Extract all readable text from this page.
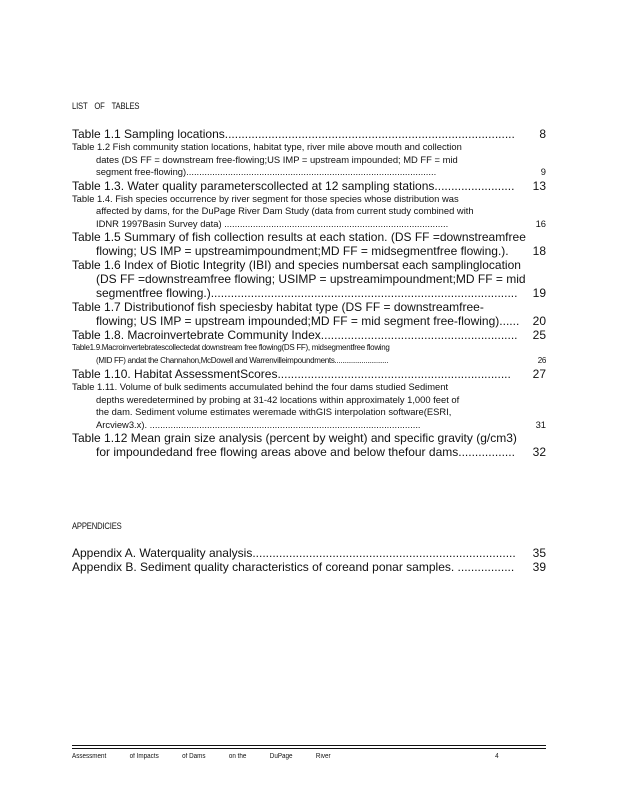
LIST OF TABLES
Table 1.1 Sampling locations.......................................................................................	8
Table 1.2 Fish community station locations, habitat type, river mile above mouth and collection
dates (DS FF = downstream free-flowing;US IMP = upstream impounded; MD FF = mid
segment free-flowing)................................................................................................	9
Table 1.3. Water quality parameterscollected at 12 sampling stations........................	13
Table 1.4. Fish species occurrence by river segment for those species whose distribution was
affected by dams, for the DuPage River Dam Study (data from current study combined with
IDNR 1997Basin Survey data) ......................................................................................	16
Table 1.5 Summary of fish collection results at each station. (DS FF =downstreamfree
flowing; US IMP = upstreamimpoundment;MD FF = midsegmentfree flowing.).	18
Table 1.6 Index of Biotic Integrity (IBI) and species numbersat each samplinglocation
(DS FF =downstreamfree flowing; USIMP = upstreamimpoundment;MD FF = mid
segmentfree flowing.)............................................................................................	19
Table 1.7 Distributionof fish speciesby habitat type (DS FF = downstreamfree-
flowing; US IMP = upstream impounded;MD FF = mid segment free-flowing)......	20
Table 1.8. Macroinvertebrate Community Index...........................................................	25
Table1.9.Macroinvertebratescollectedat downstream free flowing(DS FF), midsegmentfree flowing
(MID FF) andat the Channahon,McDowell and Warrenvilleimpoundments............................	26
Table 1.10. Habitat AssessmentScores......................................................................	27
Table 1.11. Volume of bulk sediments accumulated behind the four dams studied Sediment
depths weredetermined by probing at 31-42 locations within approximately 1,000 feet of
the dam. Sediment volume estimates weremade withGIS interpolation software(ESRI,
Arcview3.x). ........................................................................................................	31
Table 1.12 Mean grain size analysis (percent by weight) and specific gravity (g/cm3)
for impoundedand free flowing areas above and below thefour dams.................	32
APPENDICIES
Appendix A. Waterquality analysis...............................................................................	35
Appendix B. Sediment quality characteristics of coreand ponar samples. .................	39
Assessment	of Impacts	of Dams	on the	DuPage	River	4
